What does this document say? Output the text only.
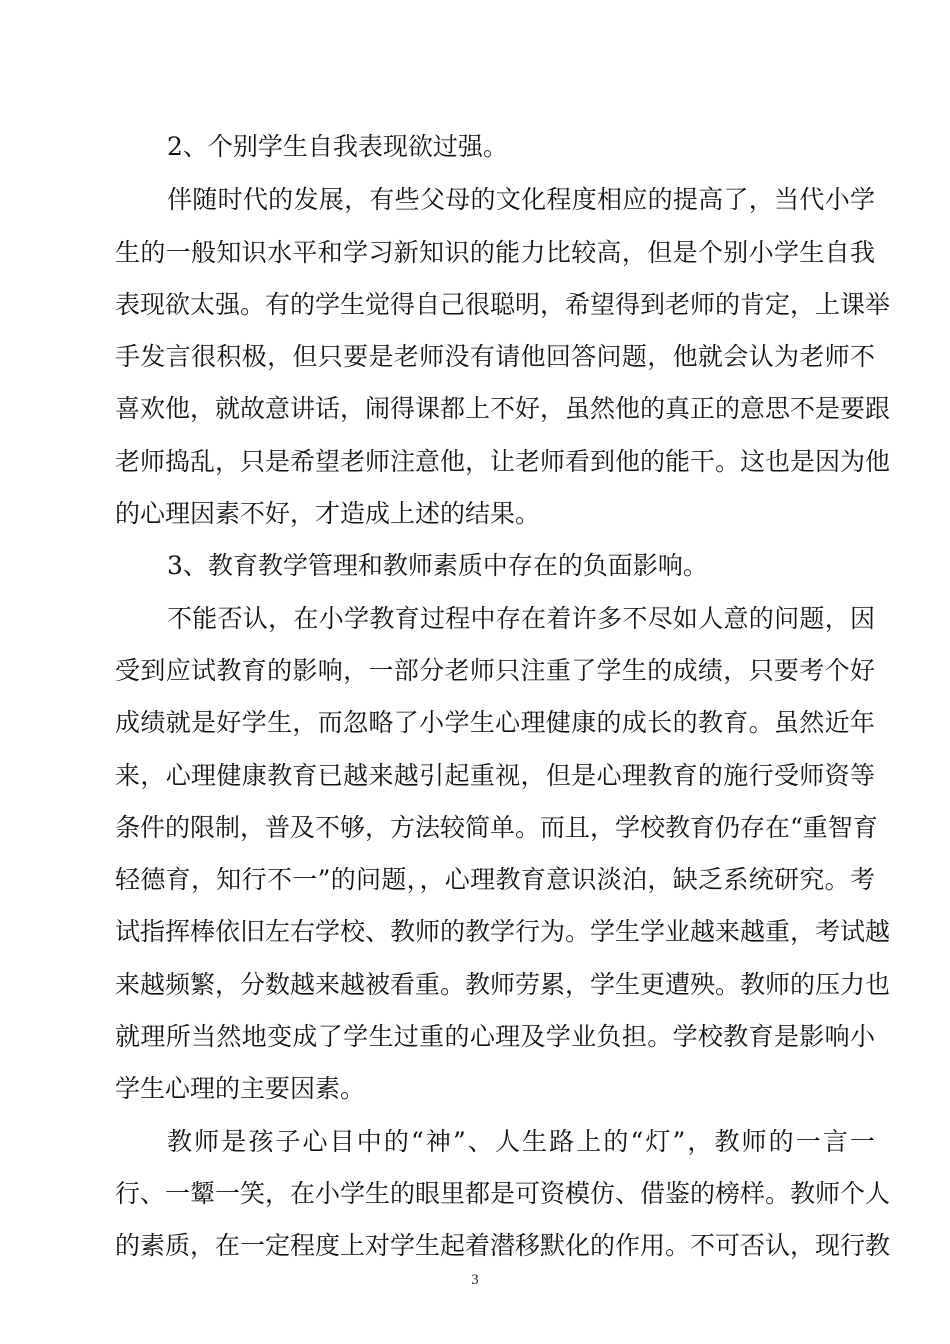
2、个别学生自我表现欲过强。
伴随时代的发展，有些父母的文化程度相应的提高了，当代小学
生的一般知识水平和学习新知识的能力比较高，但是个别小学生自我
表现欲太强。有的学生觉得自己很聪明，希望得到老师的肯定，上课举
手发言很积极，但只要是老师没有请他回答问题，他就会认为老师不
喜欢他，就故意讲话，闹得课都上不好，虽然他的真正的意思不是要跟
老师捣乱，只是希望老师注意他，让老师看到他的能干。这也是因为他
的心理因素不好，才造成上述的结果。
3、教育教学管理和教师素质中存在的负面影响。
不能否认，在小学教育过程中存在着许多不尽如人意的问题，因
受到应试教育的影响，一部分老师只注重了学生的成绩，只要考个好
成绩就是好学生，而忽略了小学生心理健康的成长的教育。虽然近年
来，心理健康教育已越来越引起重视，但是心理教育的施行受师资等
条件的限制，普及不够，方法较简单。而且，学校教育仍存在“重智育
轻德育，知行不一”的问题，，心理教育意识淡泊，缺乏系统研究。考
试指挥棒依旧左右学校、教师的教学行为。学生学业越来越重，考试越
来越频繁，分数越来越被看重。教师劳累，学生更遭殃。教师的压力也
就理所当然地变成了学生过重的心理及学业负担。学校教育是影响小
学生心理的主要因素。
教师是孩子心目中的“神”、人生路上的“灯”，教师的一言一
行、一颦一笑，在小学生的眼里都是可资模仿、借鉴的榜样。教师个人
的素质，在一定程度上对学生起着潜移默化的作用。不可否认，现行教
3
